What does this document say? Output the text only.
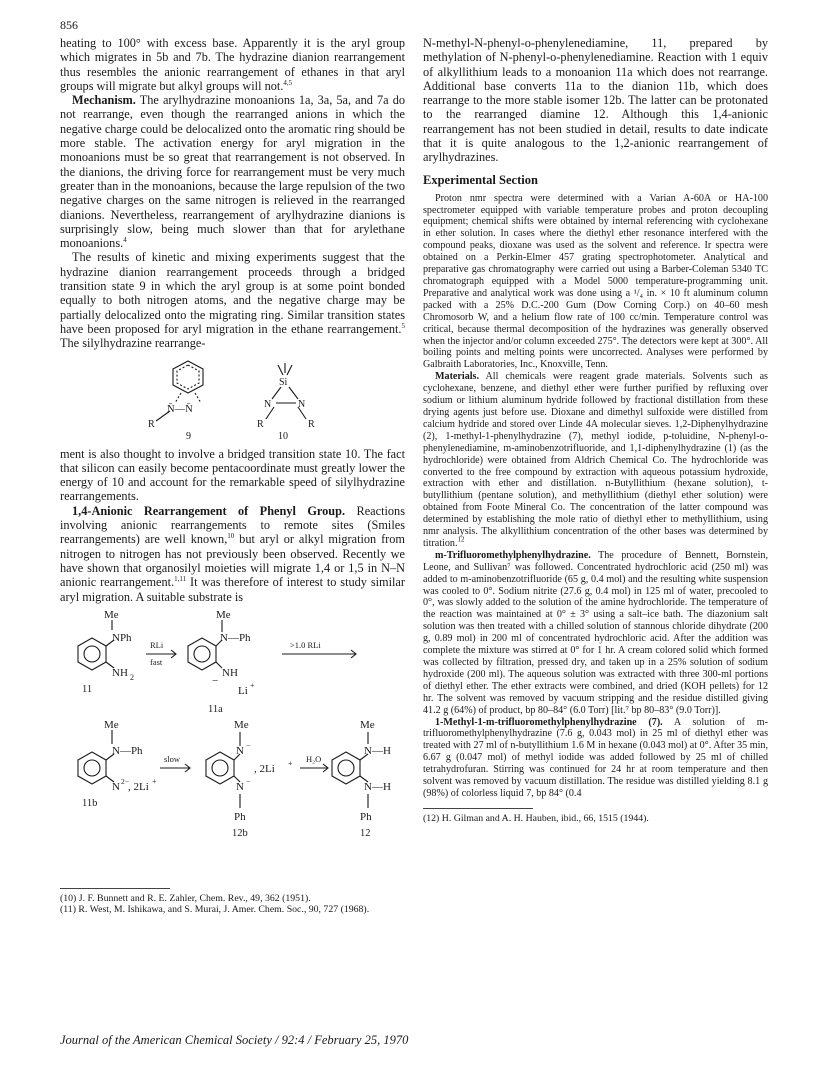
856

heating to 100° with excess base. Apparently it is the aryl group which migrates in 5b and 7b. The hydrazine dianion rearrangement thus resembles the anionic rearrangement of ethanes in that aryl groups will migrate but alkyl groups will not.$^{4,5}$

Mechanism. The arylhydrazine monoanions 1a, 3a, 5a, and 7a do not rearrange, even though the rearranged anions in which the negative charge could be delocalized onto the aromatic ring should be more stable. The activation energy for aryl migration in the monoanions must be so great that rearrangement is not observed. In the dianions, the driving force for rearrangement must be very much greater than in the monoanions, because the large repulsion of the two negative charges on the same nitrogen is relieved in the rearranged dianions. Nevertheless, rearrangement of arylhydrazine dianions is surprisingly slow, being much slower than that for arylethane monoanions.$^4$

The results of kinetic and mixing experiments suggest that the hydrazine dianion rearrangement proceeds through a bridged transition state 9 in which the aryl group is at some point bonded equally to both nitrogen atoms, and the negative charge may be partially delocalized onto the migrating ring. Similar transition states have been proposed for aryl migration in the ethane rearrangement.$^5$ The silylhydrazine rearrange-

N̄—N̄
R
9
Si
N	N
R	R
10

ment is also thought to involve a bridged transition state 10. The fact that silicon can easily become pentacoordinate must greatly lower the energy of 10 and account for the remarkable speed of silylhydrazine rearrangements.

1,4-Anionic Rearrangement of Phenyl Group. Reactions involving anionic rearrangements to remote sites (Smiles rearrangements) are well known,$^{10}$ but aryl or alkyl migration from nitrogen to nitrogen has not previously been observed. Recently we have shown that organosilyl moieties will migrate 1,4 or 1,5 in N–N anionic rearrangement.$^{1,11}$ It was therefore of interest to study similar aryl migration. A suitable substrate is

Me
NPh
NH 2
11
RLi
fast
Me
N—Ph
NH
−
Li +
11a
>1.0 RLi
Me
N—Ph
N 2− , 2Li +
11b
slow
Me
N −
N −
, 2Li +
Ph
12b
H₂O
Me
N—H
N—H
Ph
12

(10) J. F. Bunnett and R. E. Zahler, Chem. Rev., 49, 362 (1951).

(11) R. West, M. Ishikawa, and S. Murai, J. Amer. Chem. Soc., 90, 727 (1968).

N-methyl-N-phenyl-o-phenylenediamine, 11, prepared by methylation of N-phenyl-o-phenylenediamine. Reaction with 1 equiv of alkyllithium leads to a monoanion 11a which does not rearrange. Additional base converts 11a to the dianion 11b, which does rearrange to the more stable isomer 12b. The latter can be protonated to the rearranged diamine 12. Although this 1,4-anionic rearrangement has not been studied in detail, results to date indicate that it is quite analogous to the 1,2-anionic rearrangement of arylhydrazines.

Experimental Section

Proton nmr spectra were determined with a Varian A-60A or HA-100 spectrometer equipped with variable temperature probes and proton decoupling equipment; chemical shifts were obtained by internal referencing with cyclohexane in ether solution. In cases where the diethyl ether resonance interfered with the compound peaks, dioxane was used as the solvent and reference. Ir spectra were obtained on a Perkin-Elmer 457 grating spectrophotometer. Analytical and preparative gas chromatography were carried out using a Barber-Coleman 5340 TC chromatograph equipped with a Model 5000 temperature-programming unit. Preparative and analytical work was done using a ¹/₄ in. × 10 ft aluminum column packed with a 25% D.C.-200 Gum (Dow Corning Corp.) on 40–60 mesh Chromosorb W, and a helium flow rate of 100 cc/min. Temperature control was critical, because thermal decomposition of the hydrazines was generally observed when the injector and/or column exceeded 275°. The detectors were kept at 300°. All boiling points and melting points were uncorrected. Analyses were performed by Galbraith Laboratories, Inc., Knoxville, Tenn.

Materials. All chemicals were reagent grade materials. Solvents such as cyclohexane, benzene, and diethyl ether were further purified by refluxing over sodium or lithium aluminum hydride followed by fractional distillation from these drying agents just before use. Dioxane and dimethyl sulfoxide were distilled from calcium hydride and stored over Linde 4A molecular sieves. 1,2-Diphenylhydrazine (2), 1-methyl-1-phenylhydrazine (7), methyl iodide, p-toluidine, N-phenyl-o-phenylenediamine, m-aminobenzotrifluoride, and 1,1-diphenylhydrazine (1) (as the hydrochloride) were obtained from Aldrich Chemical Co. The hydrochloride was converted to the free compound by extraction with aqueous potassium hydroxide, extraction with ether and distillation. n-Butyllithium (hexane solution), t-butyllithium (pentane solution), and methyllithium (diethyl ether solution) were obtained from Foote Mineral Co. The concentration of the latter compound was determined by establishing the mole ratio of diethyl ether to methyllithium, using nmr analysis. The alkyllithium concentration of the other bases was determined by titration.$^{12}$

m-Trifluoromethylphenylhydrazine. The procedure of Bennett, Bornstein, Leone, and Sullivan⁷ was followed. Concentrated hydrochloric acid (250 ml) was added to m-aminobenzotrifluoride (65 g, 0.4 mol) and the resulting white suspension was cooled to 0°. Sodium nitrite (27.6 g, 0.4 mol) in 125 ml of water, precooled to 0°, was slowly added to the solution of the amine hydrochloride. The temperature of the reaction was maintained at 0° ± 3° using a salt–ice bath. The diazonium salt solution was then treated with a chilled solution of stannous chloride dihydrate (200 g, 0.89 mol) in 200 ml of concentrated hydrochloric acid. After the addition was complete the mixture was stirred at 0° for 1 hr. A cream colored solid which formed was collected by filtration, pressed dry, and taken up in a 25% solution of sodium hydroxide (200 ml). The aqueous solution was extracted with three 300-ml portions of diethyl ether. The ether extracts were combined, and dried (KOH pellets) for 12 hr. The solvent was removed by vacuum stripping and the residue distilled giving 41.2 g (64%) of product, bp 80–84° (6.0 Torr) [lit.⁷ bp 80–83° (9.0 Torr)].

1-Methyl-1-m-trifluoromethylphenylhydrazine (7). A solution of m-trifluoromethylphenylhydrazine (7.6 g, 0.043 mol) in 25 ml of diethyl ether was treated with 27 ml of n-butyllithium 1.6 M in hexane (0.043 mol) at 0°. After 35 min, 6.67 g (0.047 mol) of methyl iodide was added followed by 25 ml of chilled tetrahydrofuran. Stirring was continued for 24 hr at room temperature and then solvent was removed by vacuum distillation. The residue was distilled yielding 8.1 g (98%) of colorless liquid 7, bp 84° (0.4

(12) H. Gilman and A. H. Hauben, ibid., 66, 1515 (1944).

Journal of the American Chemical Society / 92:4 / February 25, 1970
